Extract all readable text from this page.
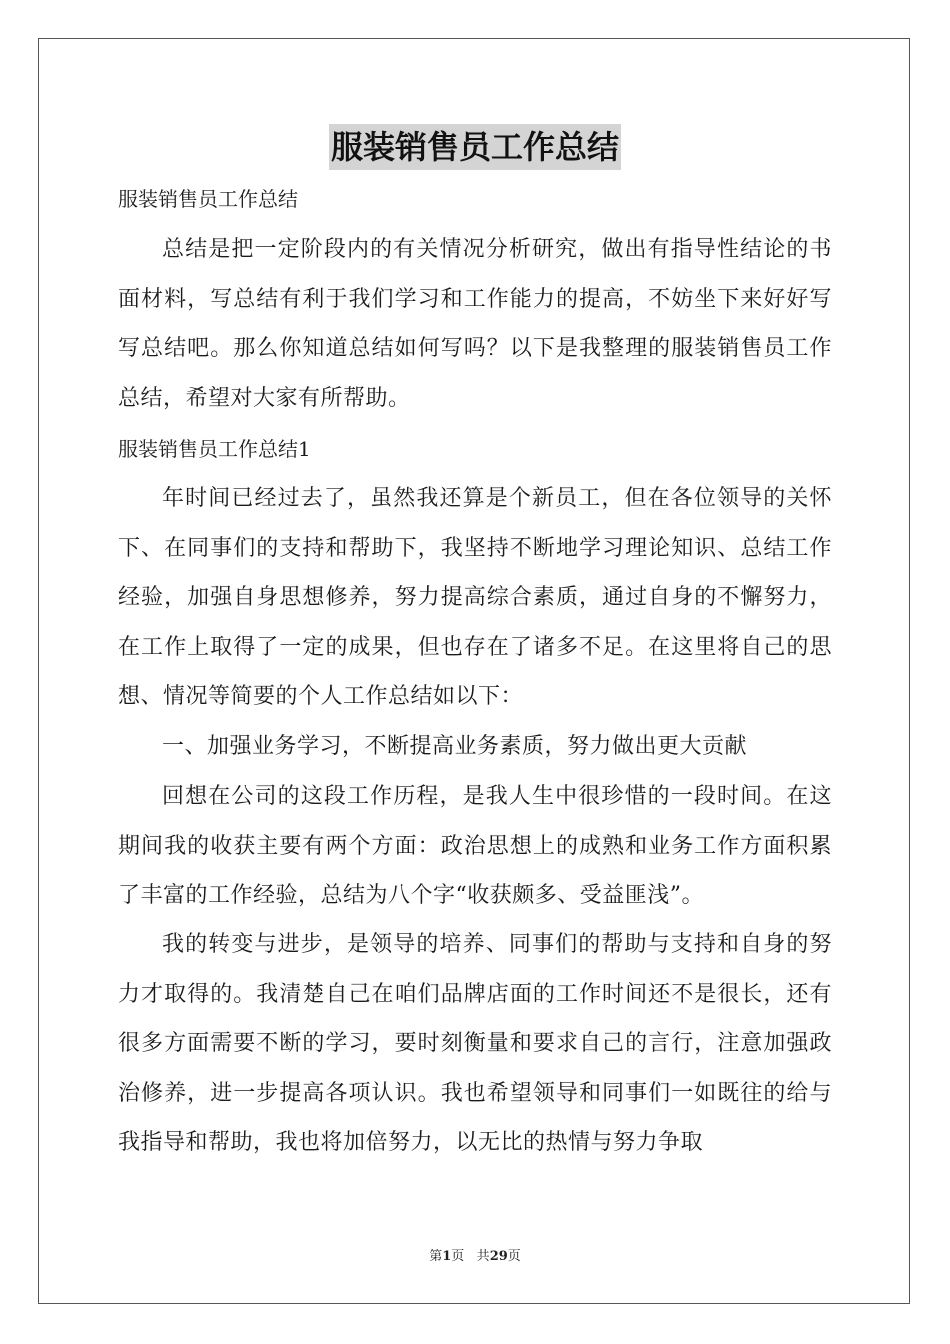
服装销售员工作总结
服装销售员工作总结

总结是把一定阶段内的有关情况分析研究，做出有指导性结论的书面材料，写总结有利于我们学习和工作能力的提高，不妨坐下来好好写写总结吧。那么你知道总结如何写吗？以下是我整理的服装销售员工作总结，希望对大家有所帮助。

服装销售员工作总结1

年时间已经过去了，虽然我还算是个新员工，但在各位领导的关怀下、在同事们的支持和帮助下，我坚持不断地学习理论知识、总结工作经验，加强自身思想修养，努力提高综合素质，通过自身的不懈努力，在工作上取得了一定的成果，但也存在了诸多不足。在这里将自己的思想、情况等简要的个人工作总结如以下：

一、加强业务学习，不断提高业务素质，努力做出更大贡献

回想在公司的这段工作历程，是我人生中很珍惜的一段时间。在这期间我的收获主要有两个方面：政治思想上的成熟和业务工作方面积累了丰富的工作经验，总结为八个字“收获颇多、受益匪浅”。

我的转变与进步，是领导的培养、同事们的帮助与支持和自身的努力才取得的。我清楚自己在咱们品牌店面的工作时间还不是很长，还有很多方面需要不断的学习，要时刻衡量和要求自己的言行，注意加强政治修养，进一步提高各项认识。我也希望领导和同事们一如既往的给与我指导和帮助，我也将加倍努力，以无比的热情与努力争取

第1页 共29页
